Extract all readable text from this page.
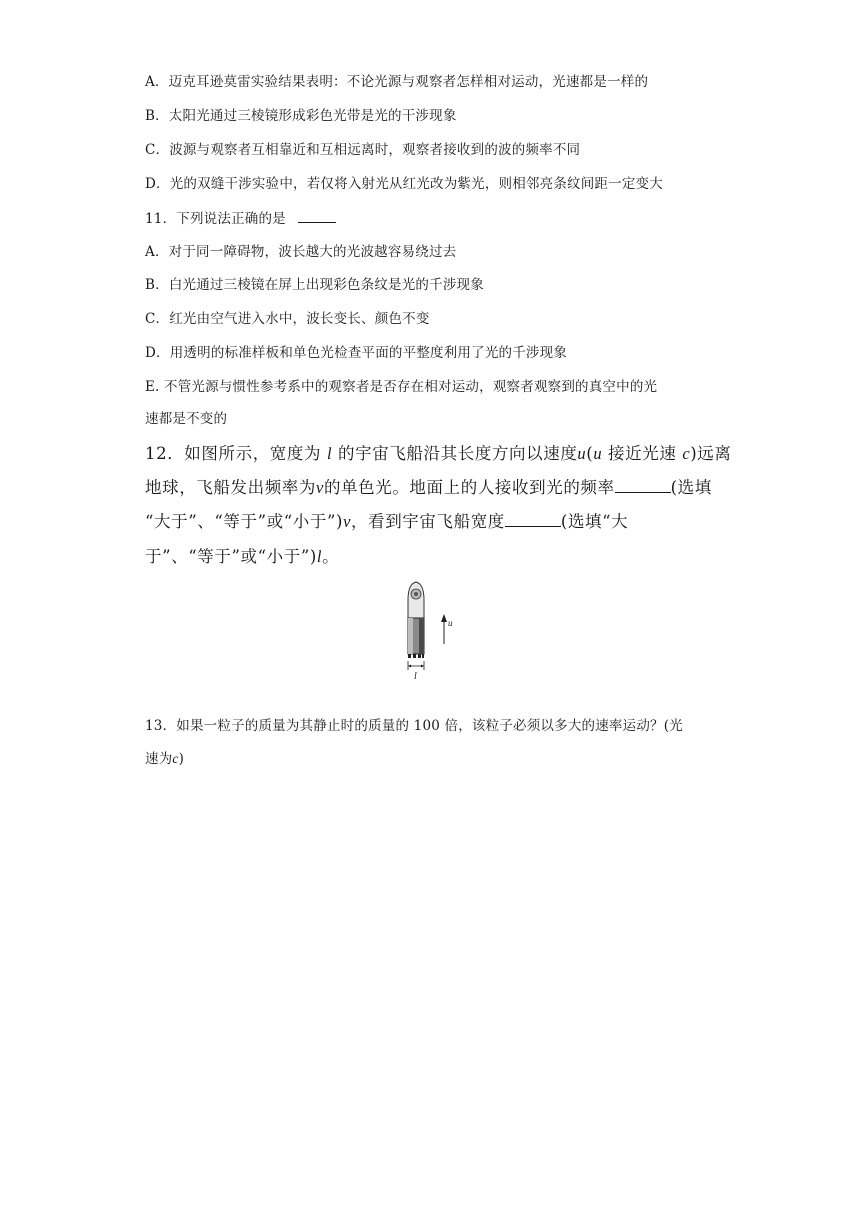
A．迈克耳逊莫雷实验结果表明：不论光源与观察者怎样相对运动，光速都是一样的
B．太阳光通过三棱镜形成彩色光带是光的干涉现象
C．波源与观察者互相靠近和互相远离时，观察者接收到的波的频率不同
D．光的双缝干涉实验中，若仅将入射光从红光改为紫光，则相邻亮条纹间距一定变大
11．下列说法正确的是
A．对于同一障碍物，波长越大的光波越容易绕过去
B．白光通过三棱镜在屏上出现彩色条纹是光的千涉现象
C．红光由空气进入水中，波长变长、颜色不变
D．用透明的标准样板和单色光检查平面的平整度利用了光的千涉现象
E. 不管光源与惯性参考系中的观察者是否存在相对运动，观察者观察到的真空中的光
速都是不变的
12．如图所示，宽度为 l 的宇宙飞船沿其长度方向以速度u(u 接近光速 c)远离
地球，飞船发出频率为ν的单色光。地面上的人接收到光的频率	(选填
“大于”、“等于”或“小于”)ν，看到宇宙飞船宽度	(选填“大
于”、“等于”或“小于”)l。
u
l
13．如果一粒子的质量为其静止时的质量的 100 倍，该粒子必须以多大的速率运动？(光
速为c)
